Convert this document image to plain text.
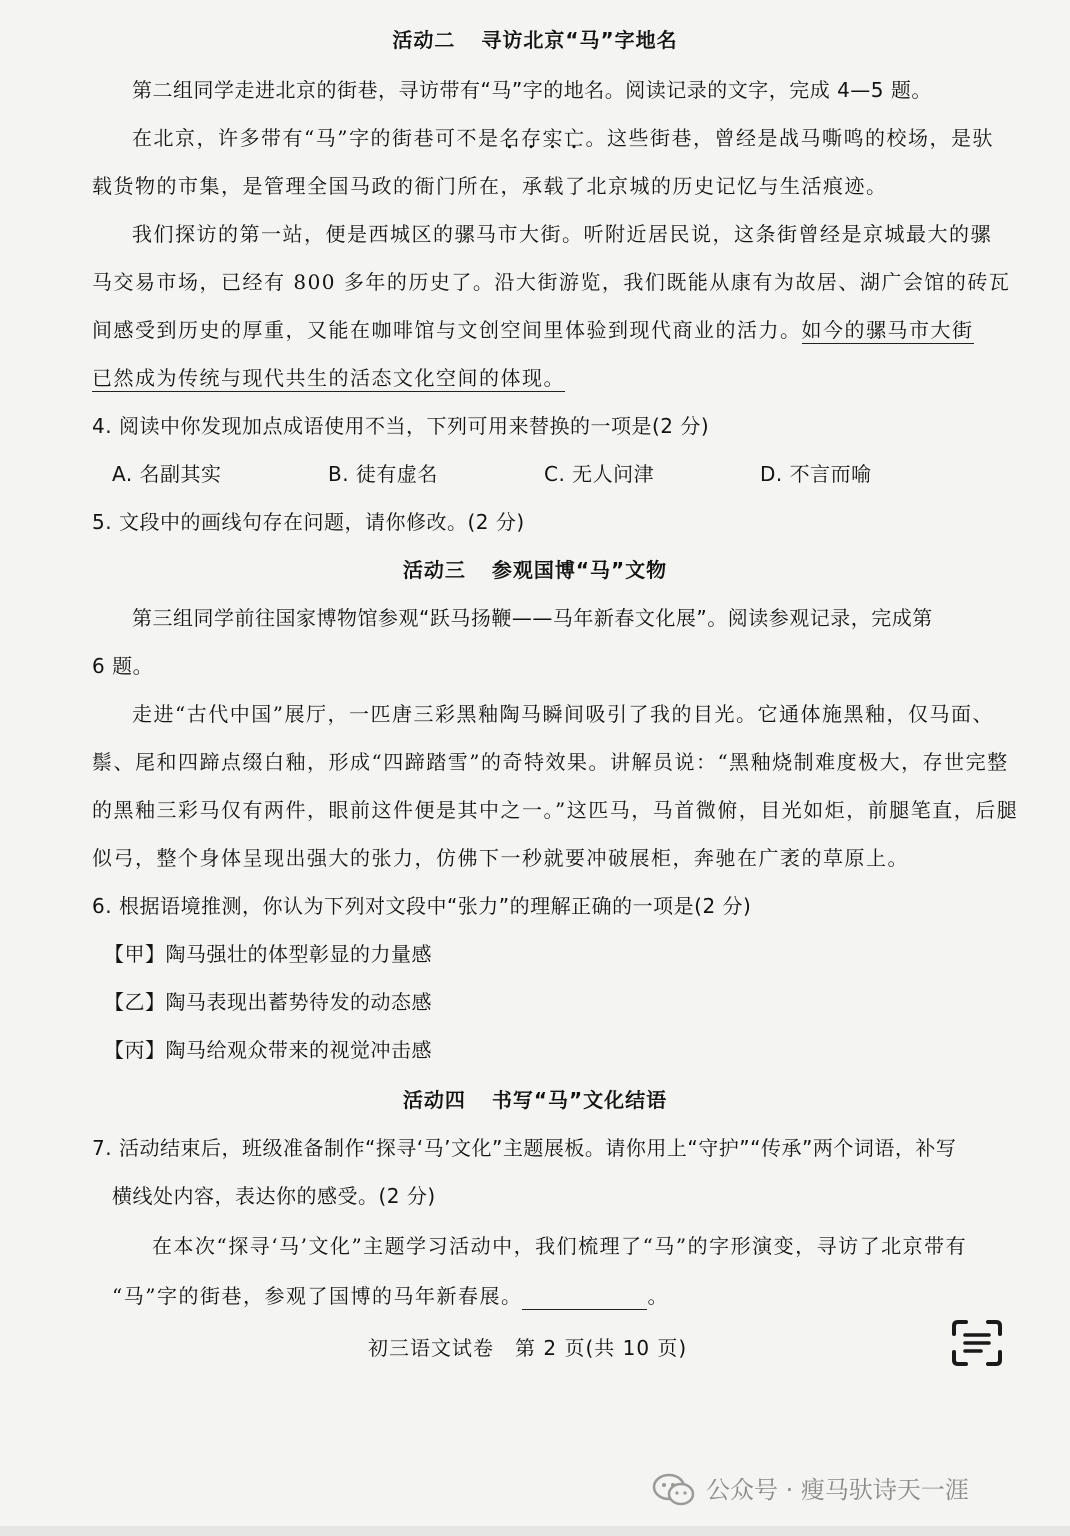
活动二 寻访北京“马”字地名
第二组同学走进北京的街巷，寻访带有“马”字的地名。阅读记录的文字，完成 4—5 题。
在北京，许多带有“马”字的街巷可不是名存实亡。这些街巷，曾经是战马嘶鸣的校场，是驮
载货物的市集，是管理全国马政的衙门所在，承载了北京城的历史记忆与生活痕迹。
我们探访的第一站，便是西城区的骡马市大街。听附近居民说，这条街曾经是京城最大的骡
马交易市场，已经有 800 多年的历史了。沿大街游览，我们既能从康有为故居、湖广会馆的砖瓦
间感受到历史的厚重，又能在咖啡馆与文创空间里体验到现代商业的活力。如今的骡马市大街
已然成为传统与现代共生的活态文化空间的体现。
4. 阅读中你发现加点成语使用不当，下列可用来替换的一项是(2 分)
A. 名副其实	B. 徒有虚名	C. 无人问津	D. 不言而喻
5. 文段中的画线句存在问题，请你修改。(2 分)
活动三 参观国博“马”文物
第三组同学前往国家博物馆参观“跃马扬鞭——马年新春文化展”。阅读参观记录，完成第
6 题。
走进“古代中国”展厅，一匹唐三彩黑釉陶马瞬间吸引了我的目光。它通体施黑釉，仅马面、
鬃、尾和四蹄点缀白釉，形成“四蹄踏雪”的奇特效果。讲解员说：“黑釉烧制难度极大，存世完整
的黑釉三彩马仅有两件，眼前这件便是其中之一。”这匹马，马首微俯，目光如炬，前腿笔直，后腿
似弓，整个身体呈现出强大的张力，仿佛下一秒就要冲破展柜，奔驰在广袤的草原上。
6. 根据语境推测，你认为下列对文段中“张力”的理解正确的一项是(2 分)
【甲】陶马强壮的体型彰显的力量感
【乙】陶马表现出蓄势待发的动态感
【丙】陶马给观众带来的视觉冲击感
活动四 书写“马”文化结语
7. 活动结束后，班级准备制作“探寻‘马’文化”主题展板。请你用上“守护”“传承”两个词语，补写
横线处内容，表达你的感受。(2 分)
在本次“探寻‘马’文化”主题学习活动中，我们梳理了“马”的字形演变，寻访了北京带有
“马”字的街巷，参观了国博的马年新春展。	。
初三语文试卷　第 2 页(共 10 页)
公众号 · 瘦马驮诗天一涯
